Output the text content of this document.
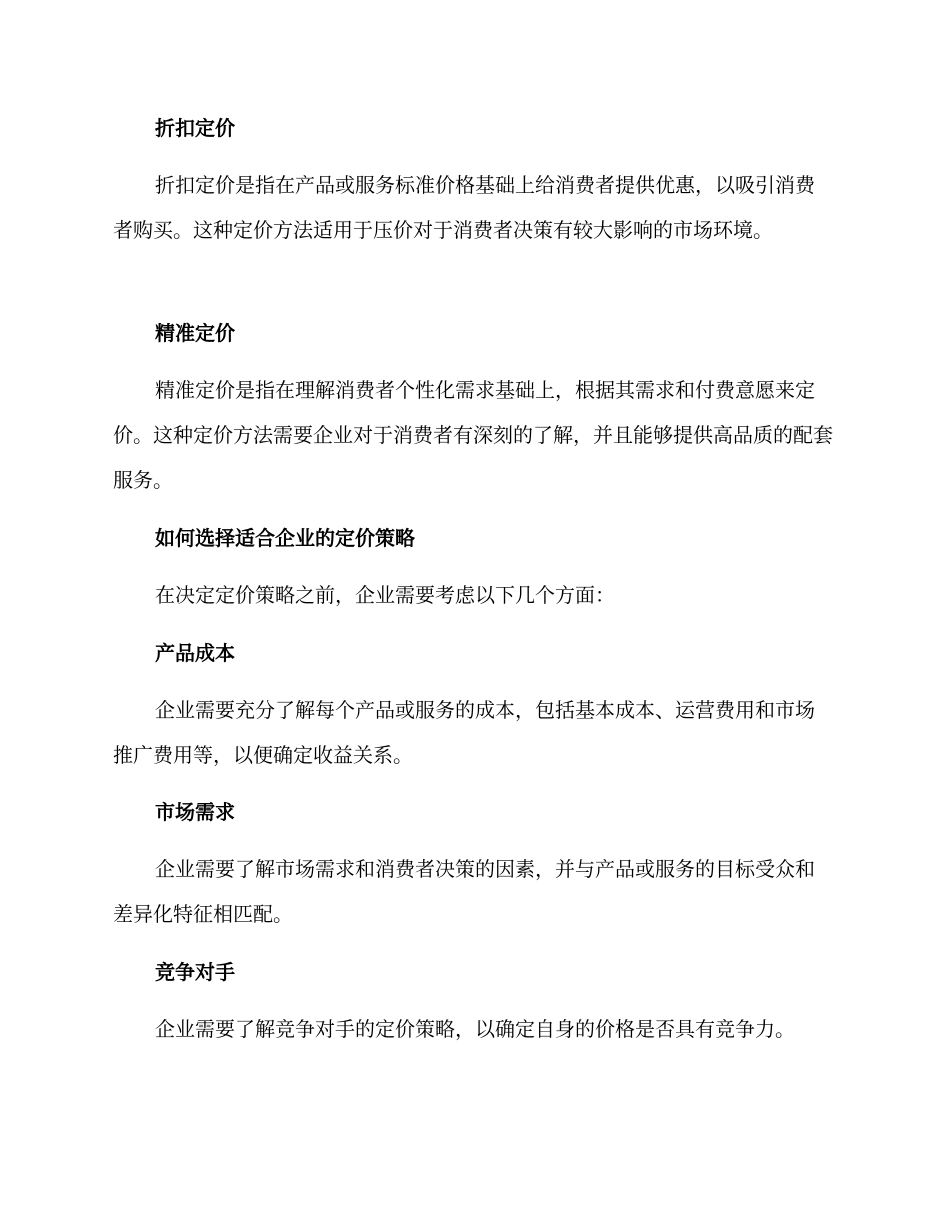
折扣定价

折扣定价是指在产品或服务标准价格基础上给消费者提供优惠，以吸引消费者购买。这种定价方法适用于压价对于消费者决策有较大影响的市场环境。

精准定价

精准定价是指在理解消费者个性化需求基础上，根据其需求和付费意愿来定价。这种定价方法需要企业对于消费者有深刻的了解，并且能够提供高品质的配套服务。

如何选择适合企业的定价策略

在决定定价策略之前，企业需要考虑以下几个方面：

产品成本

企业需要充分了解每个产品或服务的成本，包括基本成本、运营费用和市场推广费用等，以便确定收益关系。

市场需求

企业需要了解市场需求和消费者决策的因素，并与产品或服务的目标受众和差异化特征相匹配。

竞争对手

企业需要了解竞争对手的定价策略，以确定自身的价格是否具有竞争力。
